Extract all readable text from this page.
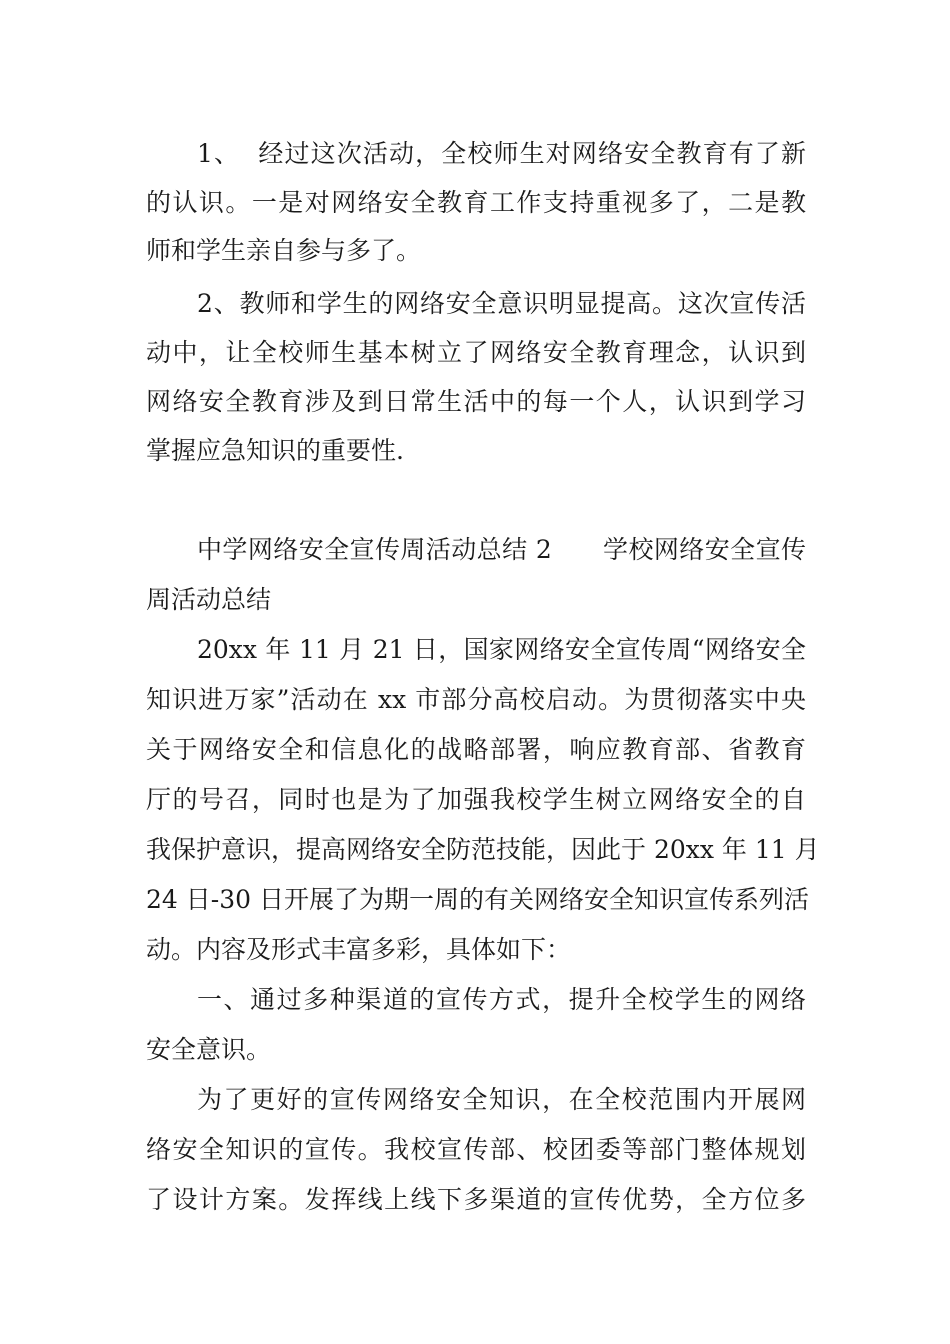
1、  经过这次活动，全校师生对网络安全教育有了新
的认识。一是对网络安全教育工作支持重视多了，二是教
师和学生亲自参与多了。
2、教师和学生的网络安全意识明显提高。这次宣传活
动中，让全校师生基本树立了网络安全教育理念，认识到
网络安全教育涉及到日常生活中的每一个人，认识到学习
掌握应急知识的重要性.
中学网络安全宣传周活动总结 2　　学校网络安全宣传
周活动总结
20xx 年 11 月 21 日，国家网络安全宣传周“网络安全
知识进万家”活动在 xx 市部分高校启动。为贯彻落实中央
关于网络安全和信息化的战略部署，响应教育部、省教育
厅的号召，同时也是为了加强我校学生树立网络安全的自
我保护意识，提高网络安全防范技能，因此于 20xx 年 11 月
24 日-30 日开展了为期一周的有关网络安全知识宣传系列活
动。内容及形式丰富多彩，具体如下：
一、通过多种渠道的宣传方式，提升全校学生的网络
安全意识。
为了更好的宣传网络安全知识，在全校范围内开展网
络安全知识的宣传。我校宣传部、校团委等部门整体规划
了设计方案。发挥线上线下多渠道的宣传优势，全方位多
